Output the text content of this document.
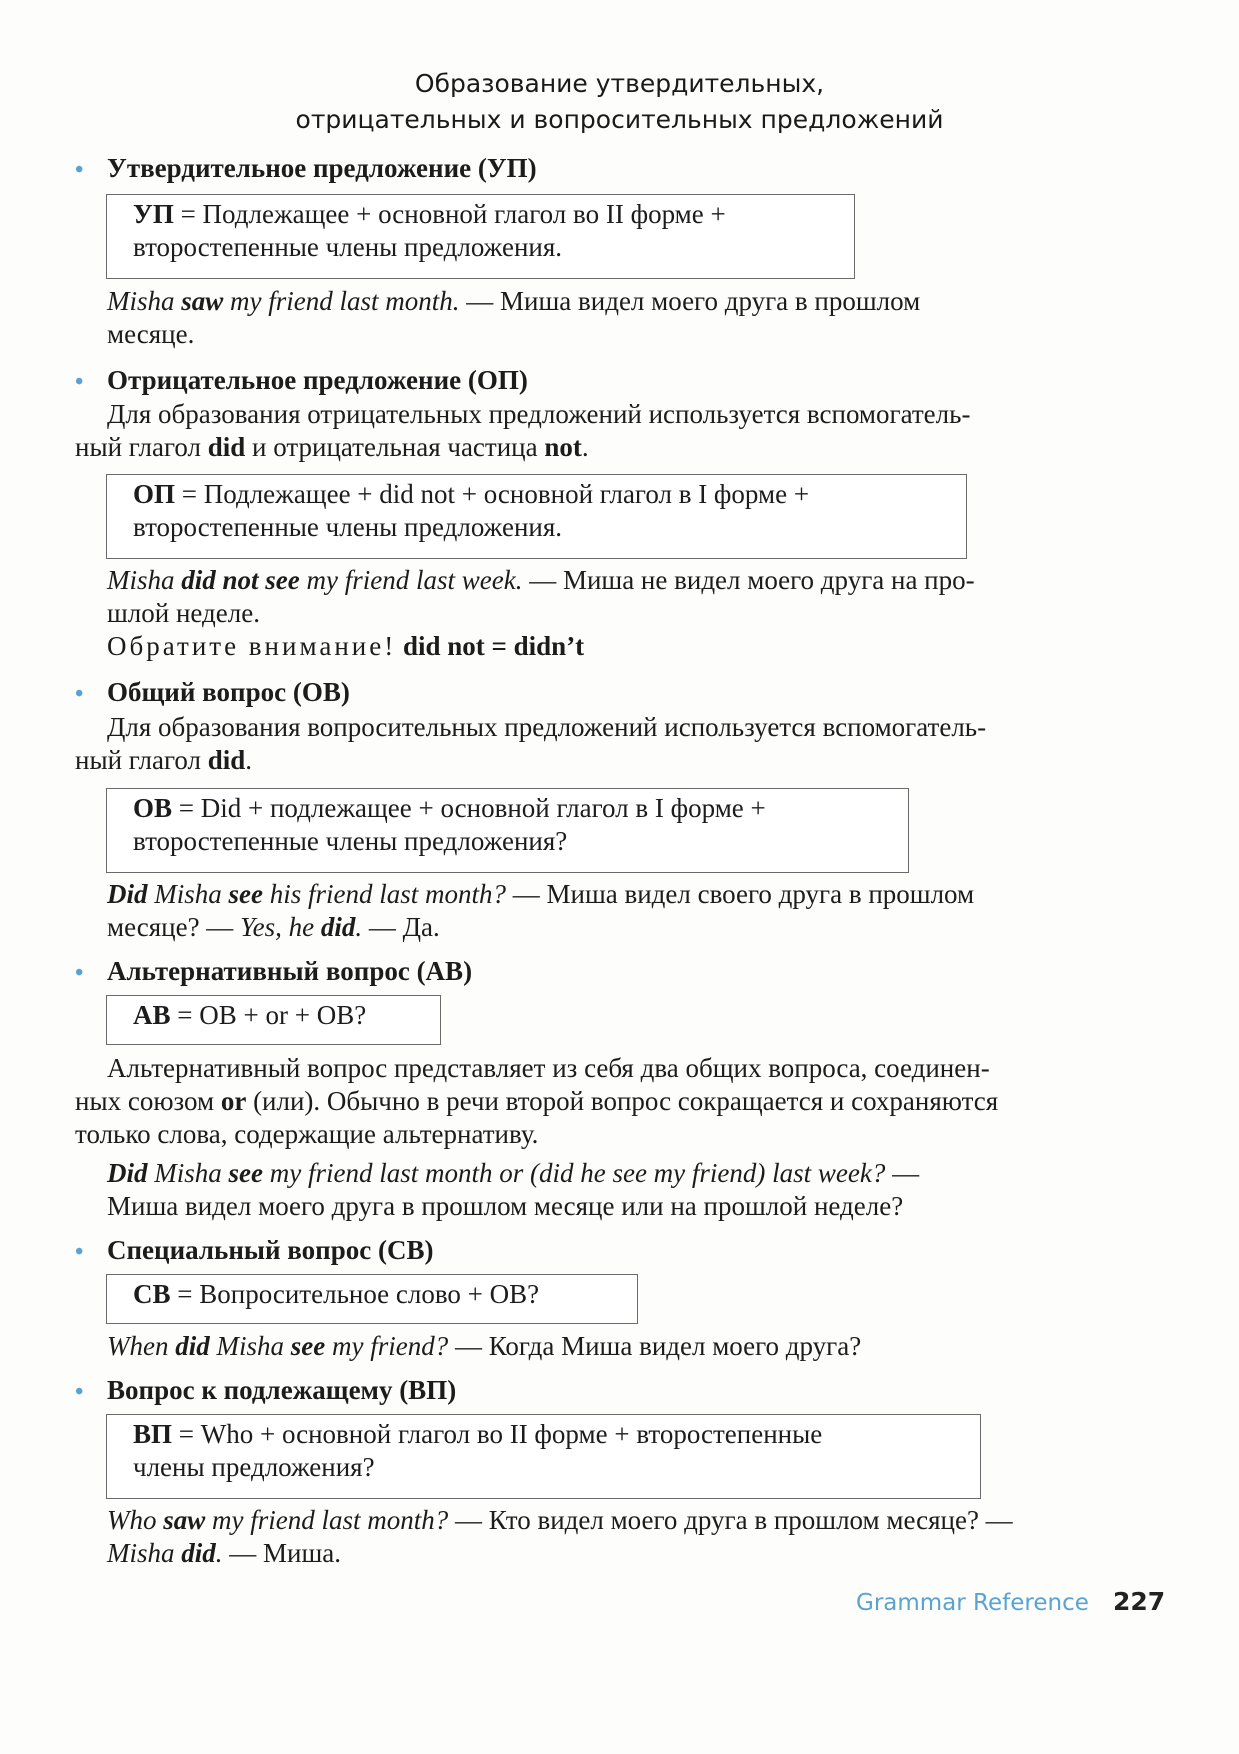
Образование утвердительных,
отрицательных и вопросительных предложений
• Утвердительное предложение (УП)
УП = Подлежащее + основной глагол во II форме +
второстепенные члены предложения.
Misha saw my friend last month. — Миша видел моего друга в прошлом
месяце.
• Отрицательное предложение (ОП)
Для образования отрицательных предложений используется вспомогатель-
ный глагол did и отрицательная частица not.
ОП = Подлежащее + did not + основной глагол в I форме +
второстепенные члены предложения.
Misha did not see my friend last week. — Миша не видел моего друга на про-
шлой неделе.
Обратите внимание! did not = didn’t
• Общий вопрос (ОВ)
Для образования вопросительных предложений используется вспомогатель-
ный глагол did.
ОВ = Did + подлежащее + основной глагол в I форме +
второстепенные члены предложения?
Did Misha see his friend last month? — Миша видел своего друга в прошлом
месяце? — Yes, he did. — Да.
• Альтернативный вопрос (АВ)
АВ = ОВ + or + ОВ?
Альтернативный вопрос представляет из себя два общих вопроса, соединен-
ных союзом or (или). Обычно в речи второй вопрос сокращается и сохраняются
только слова, содержащие альтернативу.
Did Misha see my friend last month or (did he see my friend) last week? —
Миша видел моего друга в прошлом месяце или на прошлой неделе?
• Специальный вопрос (СВ)
СВ = Вопросительное слово + ОВ?
When did Misha see my friend? — Когда Миша видел моего друга?
• Вопрос к подлежащему (ВП)
ВП = Who + основной глагол во II форме + второстепенные
члены предложения?
Who saw my friend last month? — Кто видел моего друга в прошлом месяце? —
Misha did. — Миша.
Grammar Reference 227
